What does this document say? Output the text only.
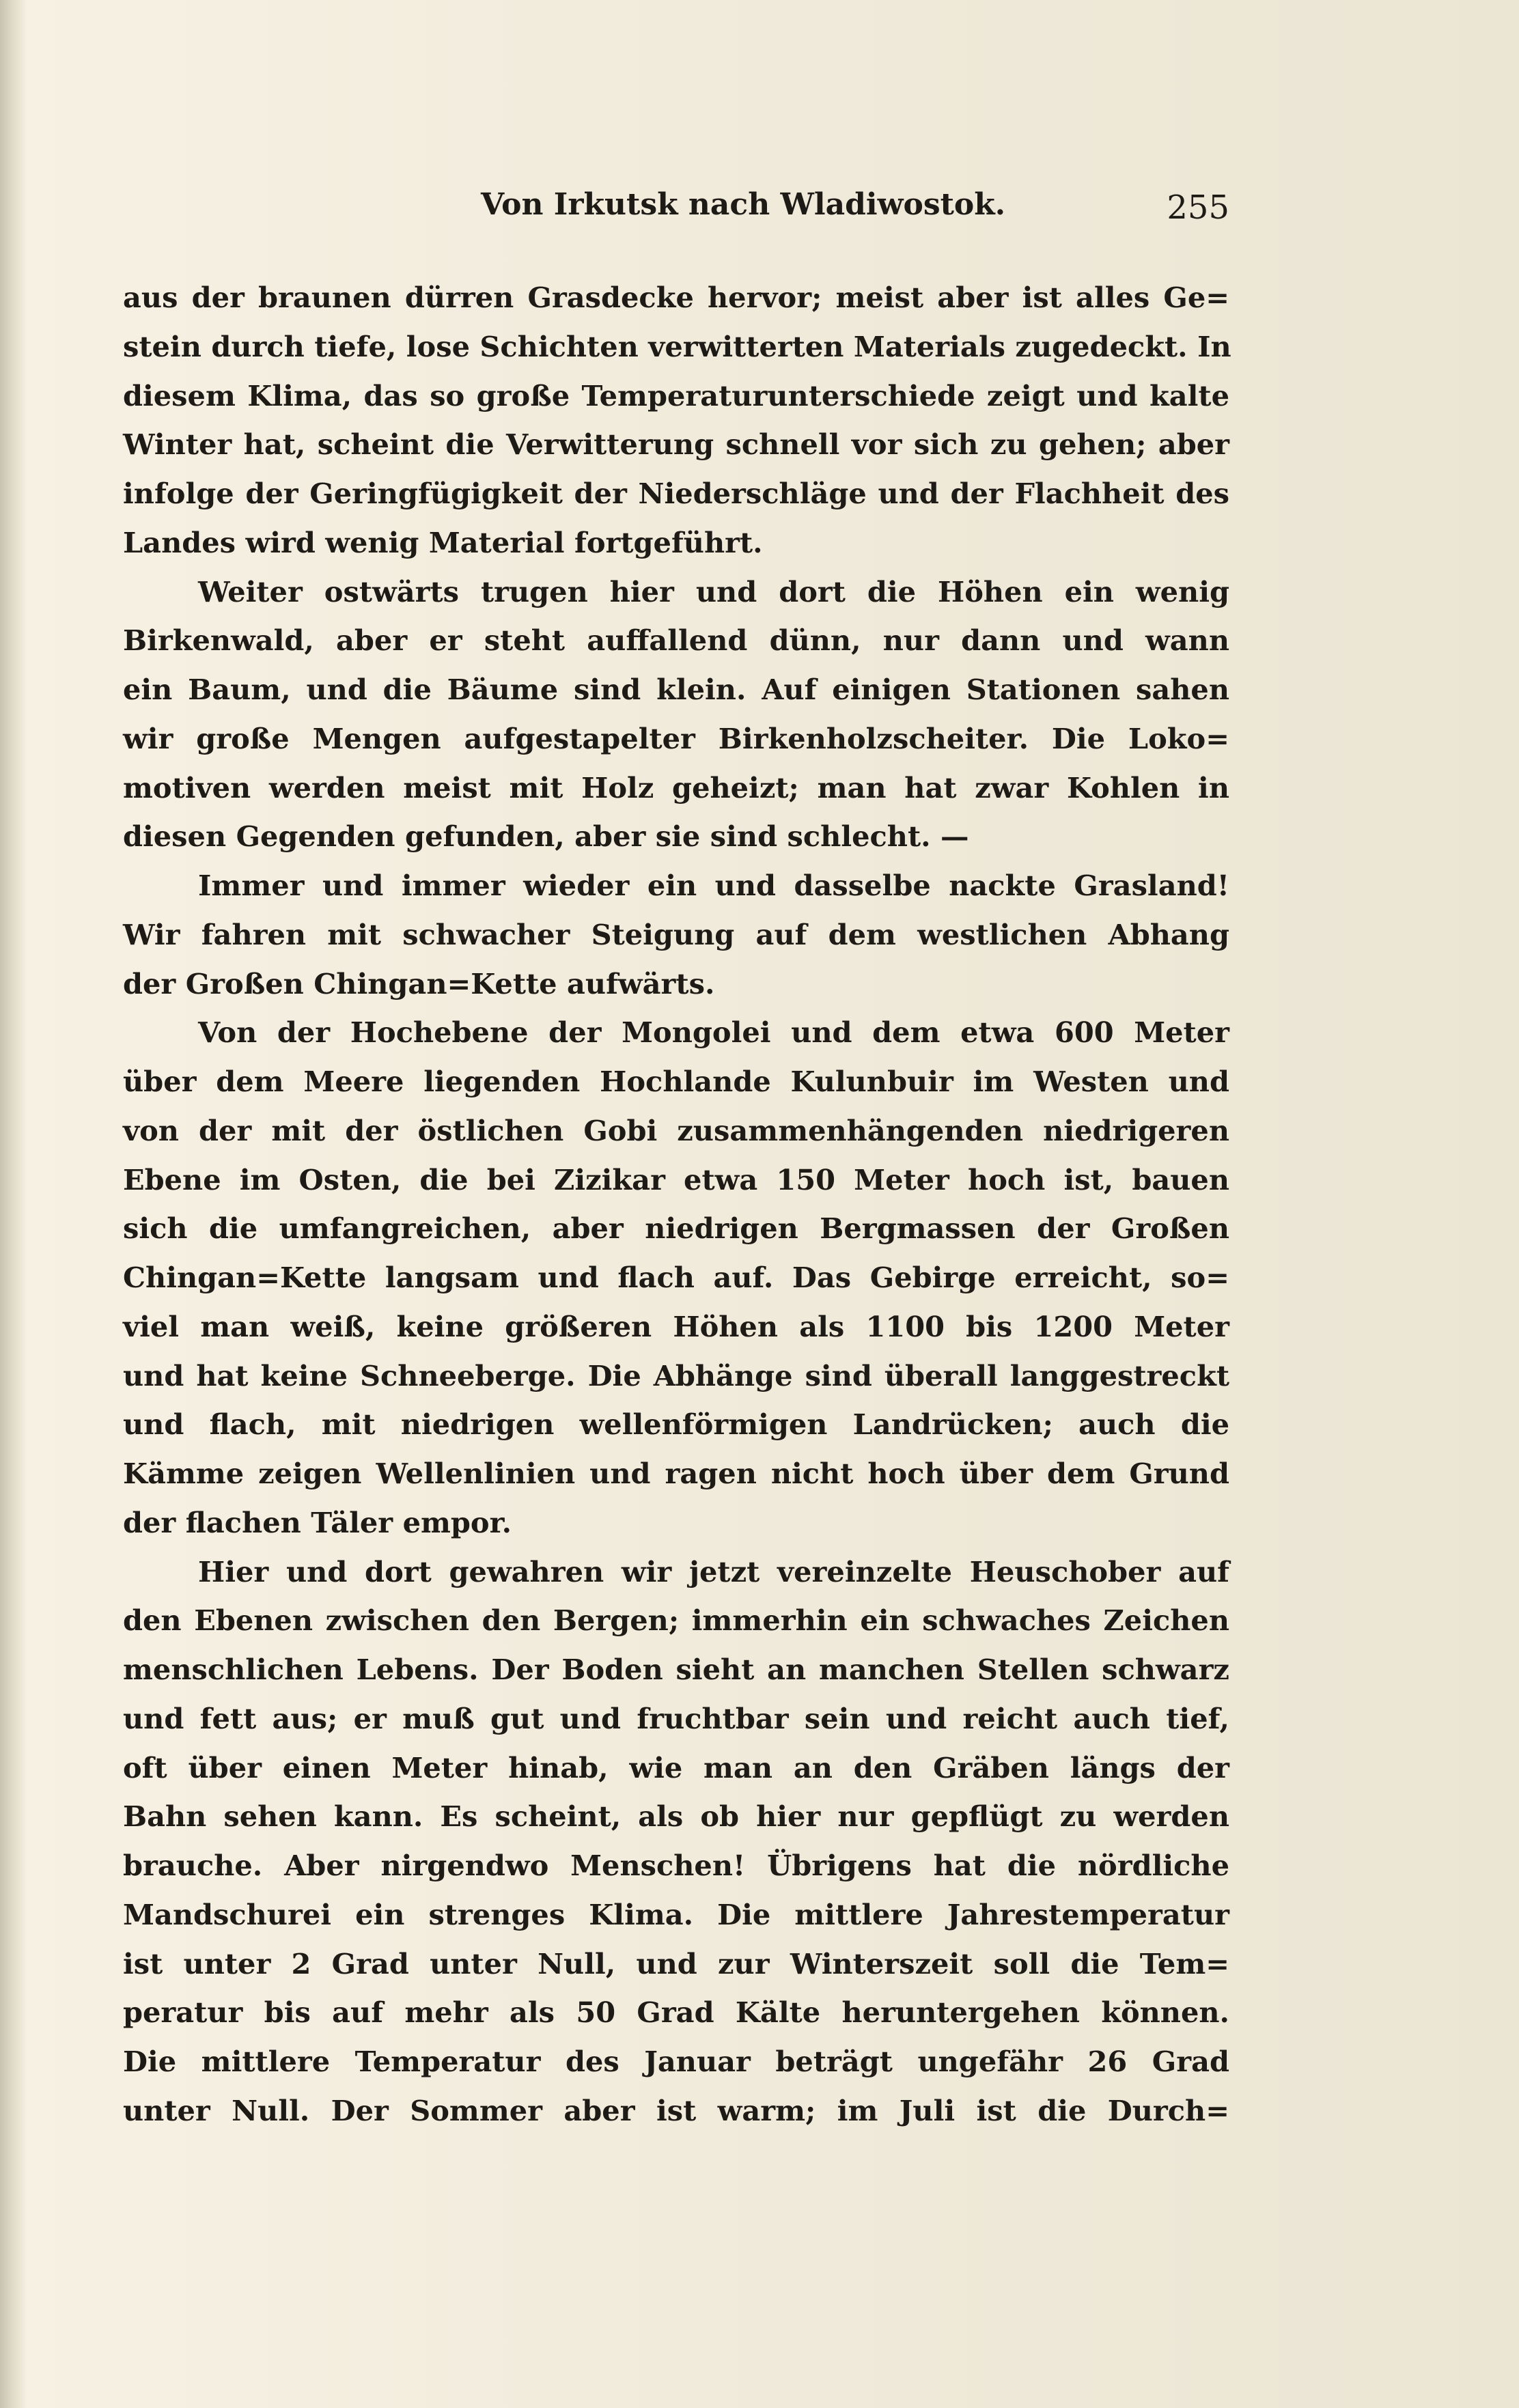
Von Irkutsk nach Wladiwostok.	255
aus der braunen dürren Grasdecke hervor; meist aber ist alles Ge=
stein durch tiefe, lose Schichten verwitterten Materials zugedeckt. In
diesem Klima, das so große Temperaturunterschiede zeigt und kalte
Winter hat, scheint die Verwitterung schnell vor sich zu gehen; aber
infolge der Geringfügigkeit der Niederschläge und der Flachheit des
Landes wird wenig Material fortgeführt.
Weiter ostwärts trugen hier und dort die Höhen ein wenig
Birkenwald, aber er steht auffallend dünn, nur dann und wann
ein Baum, und die Bäume sind klein. Auf einigen Stationen sahen
wir große Mengen aufgestapelter Birkenholzscheiter. Die Loko=
motiven werden meist mit Holz geheizt; man hat zwar Kohlen in
diesen Gegenden gefunden, aber sie sind schlecht. —
Immer und immer wieder ein und dasselbe nackte Grasland!
Wir fahren mit schwacher Steigung auf dem westlichen Abhang
der Großen Chingan=Kette aufwärts.
Von der Hochebene der Mongolei und dem etwa 600 Meter
über dem Meere liegenden Hochlande Kulunbuir im Westen und
von der mit der östlichen Gobi zusammenhängenden niedrigeren
Ebene im Osten, die bei Zizikar etwa 150 Meter hoch ist, bauen
sich die umfangreichen, aber niedrigen Bergmassen der Großen
Chingan=Kette langsam und flach auf. Das Gebirge erreicht, so=
viel man weiß, keine größeren Höhen als 1100 bis 1200 Meter
und hat keine Schneeberge. Die Abhänge sind überall langgestreckt
und flach, mit niedrigen wellenförmigen Landrücken; auch die
Kämme zeigen Wellenlinien und ragen nicht hoch über dem Grund
der flachen Täler empor.
Hier und dort gewahren wir jetzt vereinzelte Heuschober auf
den Ebenen zwischen den Bergen; immerhin ein schwaches Zeichen
menschlichen Lebens. Der Boden sieht an manchen Stellen schwarz
und fett aus; er muß gut und fruchtbar sein und reicht auch tief,
oft über einen Meter hinab, wie man an den Gräben längs der
Bahn sehen kann. Es scheint, als ob hier nur gepflügt zu werden
brauche. Aber nirgendwo Menschen! Übrigens hat die nördliche
Mandschurei ein strenges Klima. Die mittlere Jahrestemperatur
ist unter 2 Grad unter Null, und zur Winterszeit soll die Tem=
peratur bis auf mehr als 50 Grad Kälte heruntergehen können.
Die mittlere Temperatur des Januar beträgt ungefähr 26 Grad
unter Null. Der Sommer aber ist warm; im Juli ist die Durch=
